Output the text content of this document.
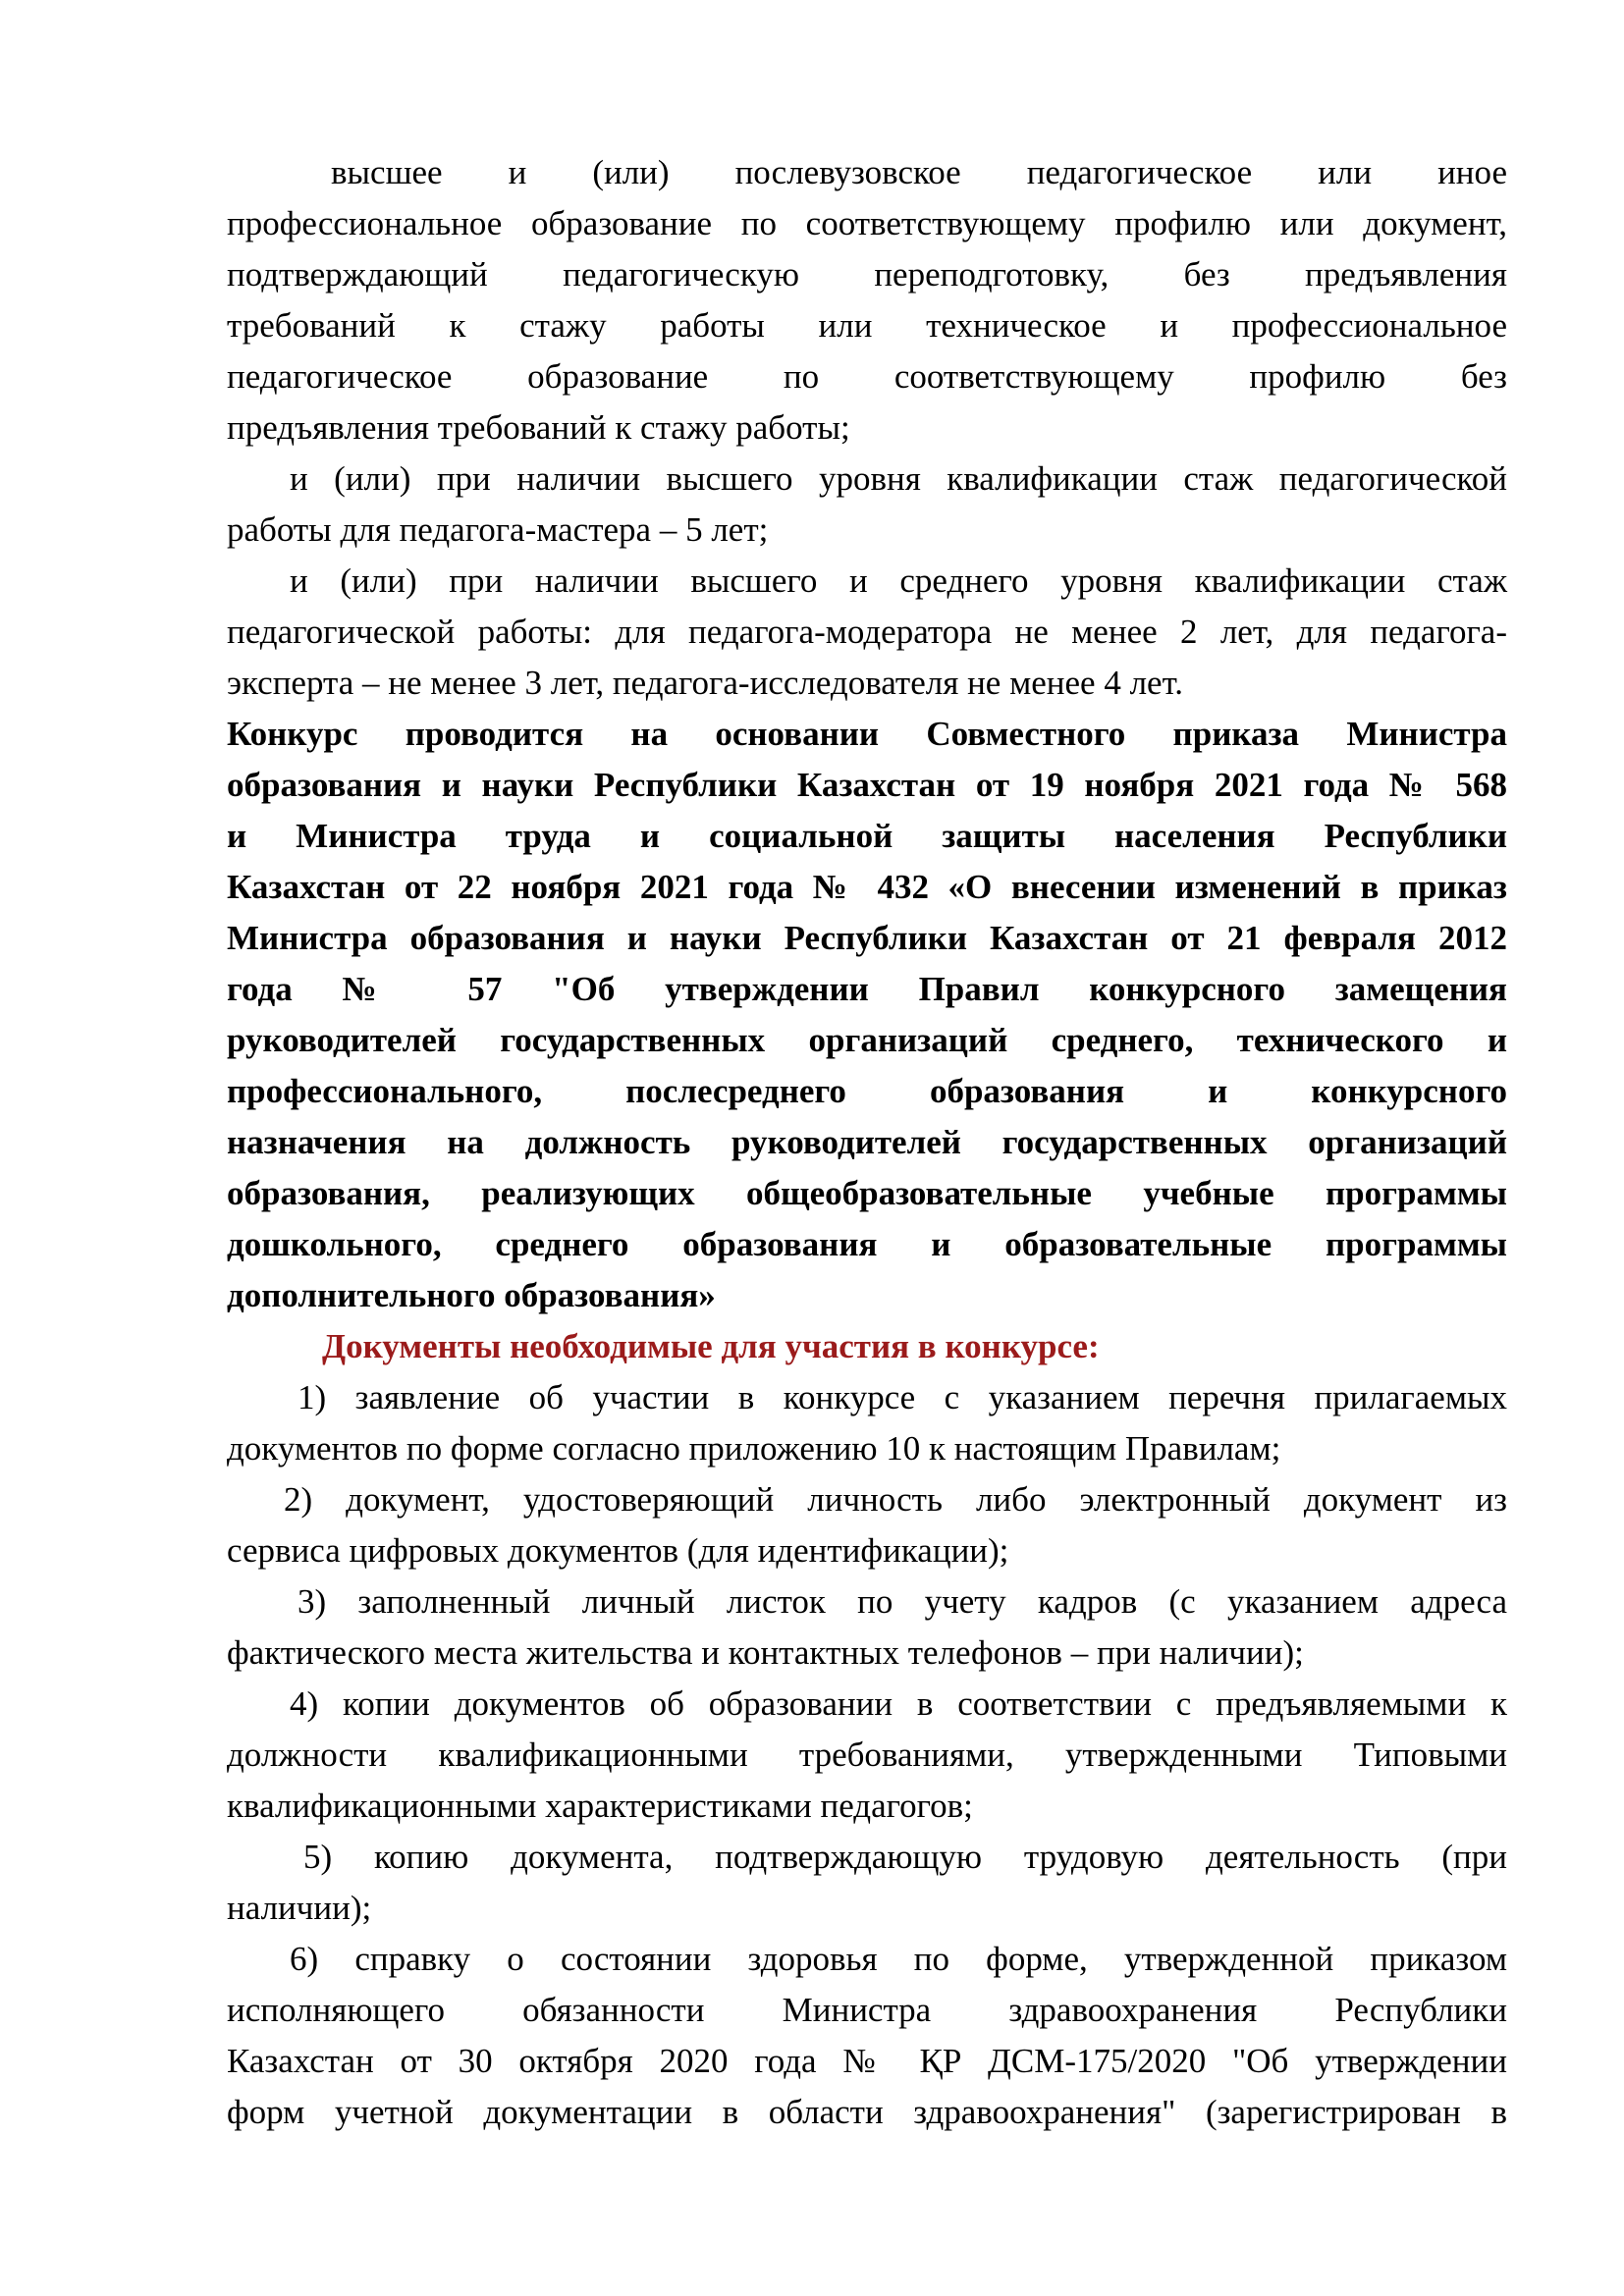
высшее и (или) послевузовское педагогическое или иное
профессиональное образование по соответствующему профилю или документ,
подтверждающий педагогическую переподготовку, без предъявления
требований к стажу работы или техническое и профессиональное
педагогическое образование по соответствующему профилю без
предъявления требований к стажу работы;

и (или) при наличии высшего уровня квалификации стаж педагогической
работы для педагога-мастера – 5 лет;

и (или) при наличии высшего и среднего уровня квалификации стаж
педагогической работы: для педагога-модератора не менее 2 лет, для педагога-
эксперта – не менее 3 лет, педагога-исследователя не менее 4 лет.

Конкурс проводится на основании Совместного приказа Министра
образования и науки Республики Казахстан от 19 ноября 2021 года № 568
и Министра труда и социальной защиты населения Республики
Казахстан от 22 ноября 2021 года № 432 «О внесении изменений в приказ
Министра образования и науки Республики Казахстан от 21 февраля 2012
года № 57 "Об утверждении Правил конкурсного замещения
руководителей государственных организаций среднего, технического и
профессионального, послесреднего образования и конкурсного
назначения на должность руководителей государственных организаций
образования, реализующих общеобразовательные учебные программы
дошкольного, среднего образования и образовательные программы
дополнительного образования»

Документы необходимые для участия в конкурсе:

1) заявление об участии в конкурсе с указанием перечня прилагаемых
документов по форме согласно приложению 10 к настоящим Правилам;

2) документ, удостоверяющий личность либо электронный документ из
сервиса цифровых документов (для идентификации);

3) заполненный личный листок по учету кадров (с указанием адреса
фактического места жительства и контактных телефонов – при наличии);

4) копии документов об образовании в соответствии с предъявляемыми к
должности квалификационными требованиями, утвержденными Типовыми
квалификационными характеристиками педагогов;

5) копию документа, подтверждающую трудовую деятельность (при
наличии);

6) справку о состоянии здоровья по форме, утвержденной приказом
исполняющего обязанности Министра здравоохранения Республики
Казахстан от 30 октября 2020 года № ҚР ДСМ-175/2020 "Об утверждении
форм учетной документации в области здравоохранения" (зарегистрирован в
